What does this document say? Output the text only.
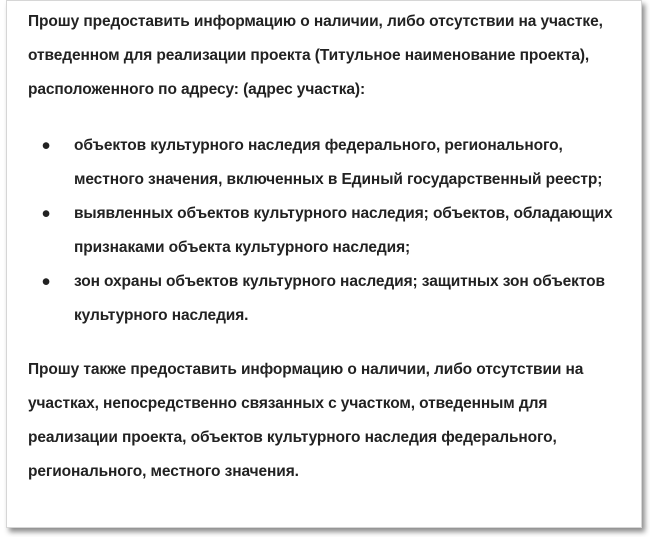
Прошу предоставить информацию о наличии, либо отсутствии на участке, отведенном для реализации проекта (Титульное наименование проекта), расположенного по адресу: (адрес участка):

●	объектов культурного наследия федерального, регионального, местного значения, включенных в Единый государственный реестр;
●	выявленных объектов культурного наследия; объектов, обладающих признаками объекта культурного наследия;
●	зон охраны объектов культурного наследия; защитных зон объектов культурного наследия.

Прошу также предоставить информацию о наличии, либо отсутствии на участках, непосредственно связанных с участком, отведенным для реализации проекта, объектов культурного наследия федерального, регионального, местного значения.
